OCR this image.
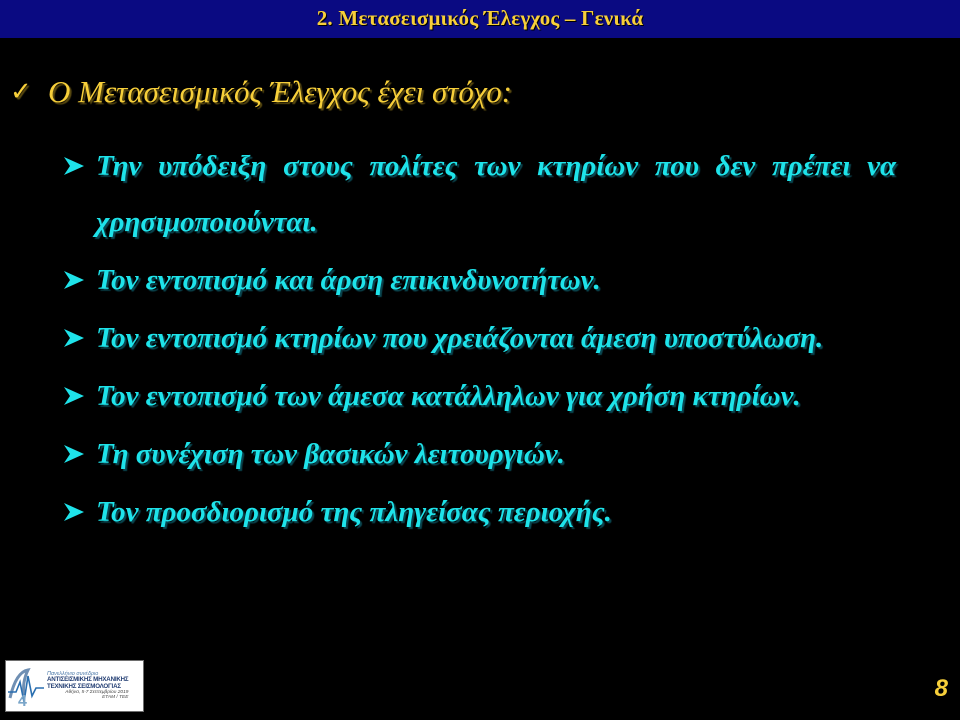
2. Μετασεισμικός Έλεγχος – Γενικά
✓ Ο Μετασεισμικός Έλεγχος έχει στόχο:
Την υπόδειξη στους πολίτες των κτηρίων που δεν πρέπει να χρησιμοποιούνται.
Τον εντοπισμό και άρση επικινδυνοτήτων.
Τον εντοπισμό κτηρίων που χρειάζονται άμεση υποστύλωση.
Τον εντοπισμό των άμεσα κατάλληλων για χρήση κτηρίων.
Τη συνέχιση των βασικών λειτουργιών.
Τον προσδιορισμό της πληγείσας περιοχής.
4
Πανελλήνιο συνέδριο
ΑΝΤΙΣΕΙΣΜΙΚΗΣ ΜΗΧΑΝΙΚΗΣ
ΤΕΧΝΙΚΗΣ ΣΕΙΣΜΟΛΟΓΙΑΣ
Αθήνα, 5-7 Σεπτεμβρίου 2019
ΕΤΑΜ / ΤΕΕ	8
